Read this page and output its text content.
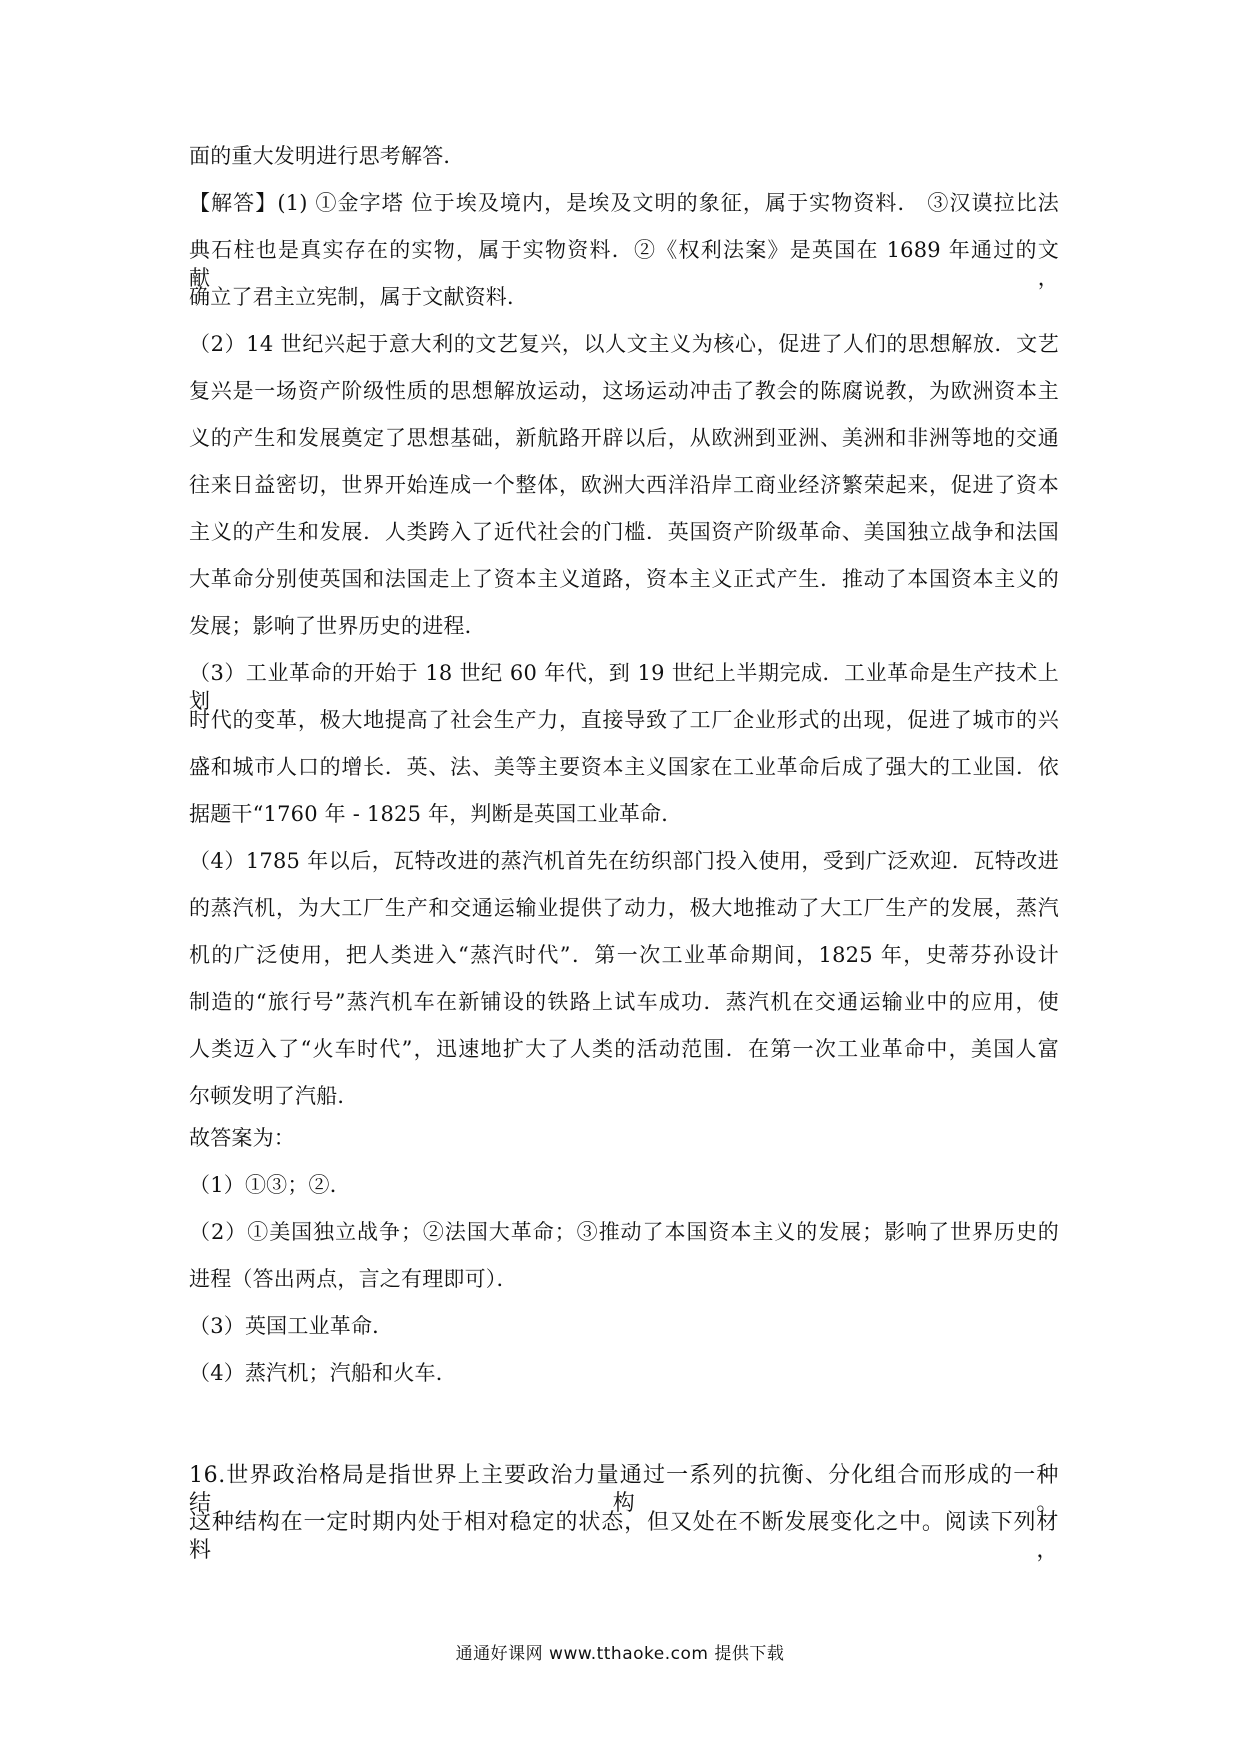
面的重大发明进行思考解答．
【解答】(1) ①金字塔 位于埃及境内，是埃及文明的象征，属于实物资料． ③汉谟拉比法
典石柱也是真实存在的实物，属于实物资料．②《权利法案》是英国在 1689 年通过的文献，
确立了君主立宪制，属于文献资料．
（2）14 世纪兴起于意大利的文艺复兴，以人文主义为核心，促进了人们的思想解放．文艺
复兴是一场资产阶级性质的思想解放运动，这场运动冲击了教会的陈腐说教，为欧洲资本主
义的产生和发展奠定了思想基础，新航路开辟以后，从欧洲到亚洲、美洲和非洲等地的交通
往来日益密切，世界开始连成一个整体，欧洲大西洋沿岸工商业经济繁荣起来，促进了资本
主义的产生和发展．人类跨入了近代社会的门槛．英国资产阶级革命、美国独立战争和法国
大革命分别使英国和法国走上了资本主义道路，资本主义正式产生．推动了本国资本主义的
发展；影响了世界历史的进程．
（3）工业革命的开始于 18 世纪 60 年代，到 19 世纪上半期完成．工业革命是生产技术上划
时代的变革，极大地提高了社会生产力，直接导致了工厂企业形式的出现，促进了城市的兴
盛和城市人口的增长．英、法、美等主要资本主义国家在工业革命后成了强大的工业国．依
据题干“1760 年 - 1825 年，判断是英国工业革命．
（4）1785 年以后，瓦特改进的蒸汽机首先在纺织部门投入使用，受到广泛欢迎．瓦特改进
的蒸汽机，为大工厂生产和交通运输业提供了动力，极大地推动了大工厂生产的发展，蒸汽
机的广泛使用，把人类进入“蒸汽时代”．第一次工业革命期间，1825 年，史蒂芬孙设计
制造的“旅行号”蒸汽机车在新铺设的铁路上试车成功．蒸汽机在交通运输业中的应用，使
人类迈入了“火车时代”，迅速地扩大了人类的活动范围．在第一次工业革命中，美国人富
尔顿发明了汽船．
故答案为：
（1）①③；②．
（2）①美国独立战争；②法国大革命；③推动了本国资本主义的发展；影响了世界历史的
进程（答出两点，言之有理即可）．
（3）英国工业革命．
（4）蒸汽机；汽船和火车．
16.世界政治格局是指世界上主要政治力量通过一系列的抗衡、分化组合而形成的一种结构。
这种结构在一定时期内处于相对稳定的状态，但又处在不断发展变化之中。阅读下列材料，
通通好课网 www.tthaoke.com 提供下载
